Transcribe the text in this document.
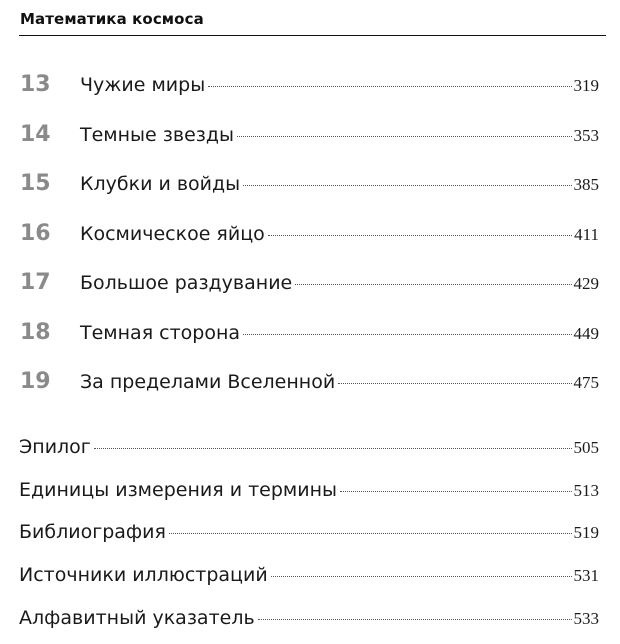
Математика космоса
13 Чужие миры	319
14 Темные звезды	353
15 Клубки и войды	385
16 Космическое яйцо	411
17 Большое раздувание	429
18 Темная сторона	449
19 За пределами Вселенной	475
Эпилог	505
Единицы измерения и термины	513
Библиография	519
Источники иллюстраций	531
Алфавитный указатель	533
